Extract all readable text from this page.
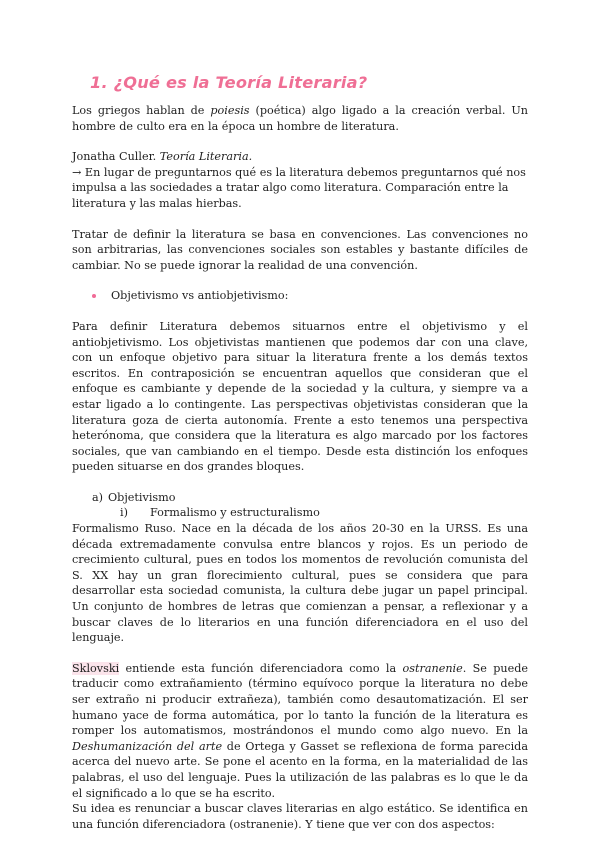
1. ¿Qué es la Teoría Literaria?

Los griegos hablan de poiesis (poética) algo ligado a la creación verbal. Un hombre de culto era en la época un hombre de literatura.

Jonatha Culler. Teoría Literaria.

→ En lugar de preguntarnos qué es la literatura debemos preguntarnos qué nos impulsa a las sociedades a tratar algo como literatura. Comparación entre la literatura y las malas hierbas.

Tratar de definir la literatura se basa en convenciones. Las convenciones no son arbitrarias, las convenciones sociales son estables y bastante difíciles de cambiar. No se puede ignorar la realidad de una convención.

Objetivismo vs antiobjetivismo:

Para definir Literatura debemos situarnos entre el objetivismo y el antiobjetivismo. Los objetivistas mantienen que podemos dar con una clave, con un enfoque objetivo para situar la literatura frente a los demás textos escritos. En contraposición se encuentran aquellos que consideran que el enfoque es cambiante y depende de la sociedad y la cultura, y siempre va a estar ligado a lo contingente. Las perspectivas objetivistas consideran que la literatura goza de cierta autonomía. Frente a esto tenemos una perspectiva heterónoma, que considera que la literatura es algo marcado por los factores sociales, que van cambiando en el tiempo. Desde esta distinción los enfoques pueden situarse en dos grandes bloques.

a) Objetivismo
i) Formalismo y estructuralismo

Formalismo Ruso. Nace en la década de los años 20-30 en la URSS. Es una década extremadamente convulsa entre blancos y rojos. Es un periodo de crecimiento cultural, pues en todos los momentos de revolución comunista del S. XX hay un gran florecimiento cultural, pues se considera que para desarrollar esta sociedad comunista, la cultura debe jugar un papel principal. Un conjunto de hombres de letras que comienzan a pensar, a reflexionar y a buscar claves de lo literarios en una función diferenciadora en el uso del lenguaje.

Sklovski entiende esta función diferenciadora como la ostranenie. Se puede traducir como extrañamiento (término equívoco porque la literatura no debe ser extraño ni producir extrañeza), también como desautomatización. El ser humano yace de forma automática, por lo tanto la función de la literatura es romper los automatismos, mostrándonos el mundo como algo nuevo. En la Deshumanización del arte de Ortega y Gasset se reflexiona de forma parecida acerca del nuevo arte. Se pone el acento en la forma, en la materialidad de las palabras, el uso del lenguaje. Pues la utilización de las palabras es lo que le da el significado a lo que se ha escrito.

Su idea es renunciar a buscar claves literarias en algo estático. Se identifica en una función diferenciadora (ostranenie). Y tiene que ver con dos aspectos:
